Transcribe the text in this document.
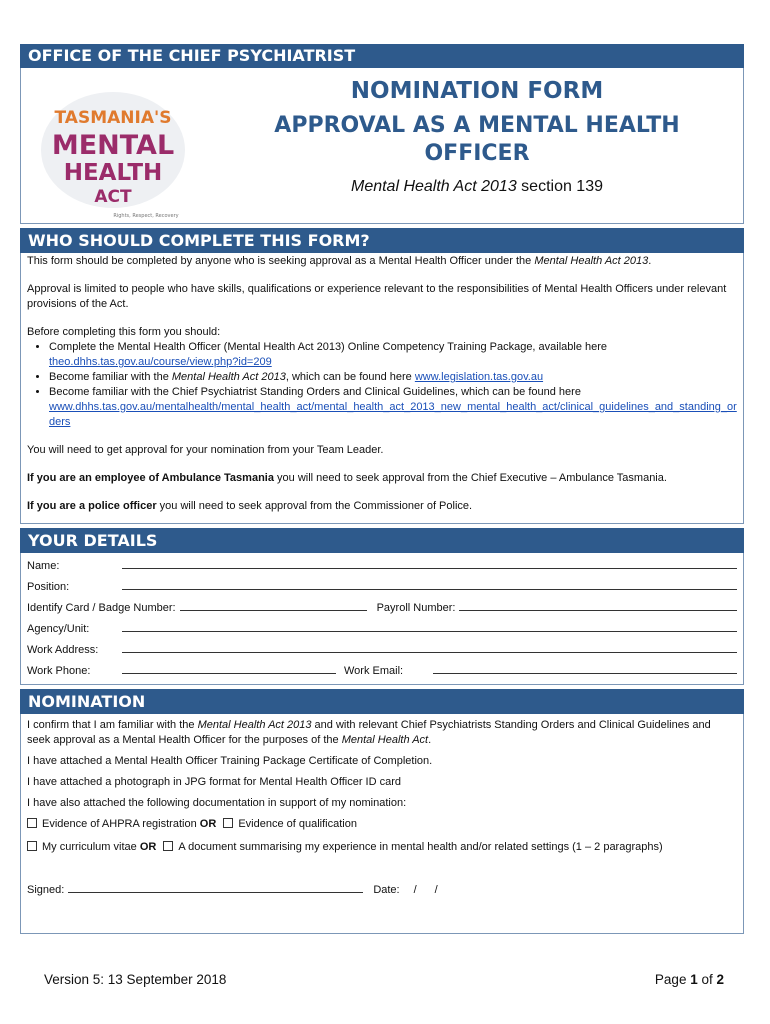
OFFICE OF THE CHIEF PSYCHIATRIST
TASMANIA'S
MENTAL
HEALTH
ACT
Rights, Respect, Recovery
NOMINATION FORM
APPROVAL AS A MENTAL HEALTH
OFFICER
Mental Health Act 2013 section 139
WHO SHOULD COMPLETE THIS FORM?

This form should be completed by anyone who is seeking approval as a Mental Health Officer under the Mental Health Act 2013.

Approval is limited to people who have skills, qualifications or experience relevant to the responsibilities of Mental Health Officers under relevant provisions of the Act.

Before completing this form you should:

• Complete the Mental Health Officer (Mental Health Act 2013) Online Competency Training Package, available here
theo.dhhs.tas.gov.au/course/view.php?id=209
• Become familiar with the Mental Health Act 2013, which can be found here www.legislation.tas.gov.au
• Become familiar with the Chief Psychiatrist Standing Orders and Clinical Guidelines, which can be found here
www.dhhs.tas.gov.au/mentalhealth/mental_health_act/mental_health_act_2013_new_mental_health_act/clinical_guidelines_and_standing_orders

You will need to get approval for your nomination from your Team Leader.

If you are an employee of Ambulance Tasmania you will need to seek approval from the Chief Executive – Ambulance Tasmania.

If you are a police officer you will need to seek approval from the Commissioner of Police.

YOUR DETAILS
Name:
Position:
Identify Card / Badge Number:	Payroll Number:
Agency/Unit:
Work Address:
Work Phone:	Work Email:
NOMINATION

I confirm that I am familiar with the Mental Health Act 2013 and with relevant Chief Psychiatrists Standing Orders and Clinical Guidelines and seek approval as a Mental Health Officer for the purposes of the Mental Health Act.

I have attached a Mental Health Officer Training Package Certificate of Completion.

I have attached a photograph in JPG format for Mental Health Officer ID card

I have also attached the following documentation in support of my nomination:

Evidence of AHPRA registration OR Evidence of qualification

My curriculum vitae OR A document summarising my experience in mental health and/or related settings (1 – 2 paragraphs)

Signed:	Date: / /
Version 5: 13 September 2018	Page 1 of 2
